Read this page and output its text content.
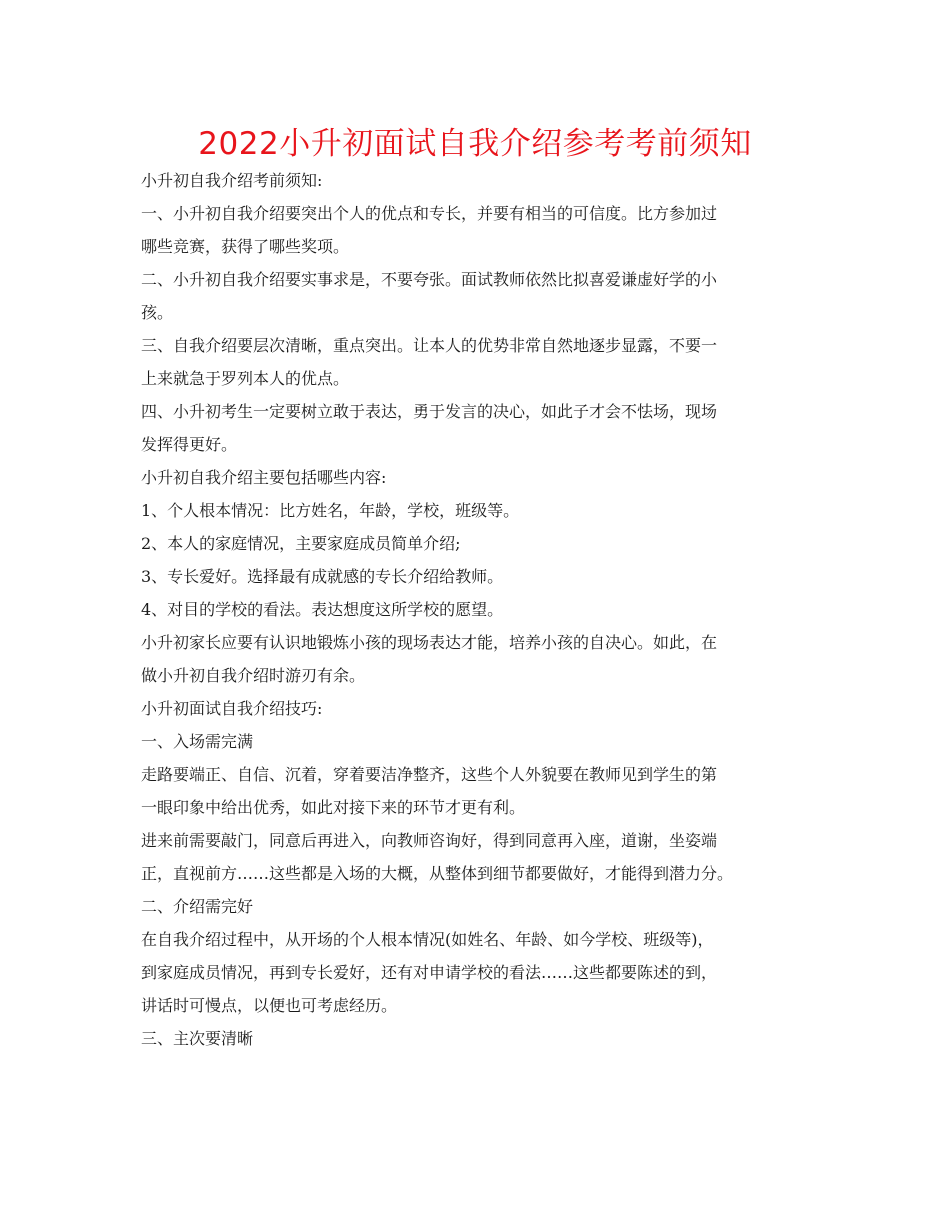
2022小升初面试自我介绍参考考前须知

小升初自我介绍考前须知:

一、小升初自我介绍要突出个人的优点和专长，并要有相当的可信度。比方参加过

哪些竞赛，获得了哪些奖项。

二、小升初自我介绍要实事求是，不要夸张。面试教师依然比拟喜爱谦虚好学的小

孩。

三、自我介绍要层次清晰，重点突出。让本人的优势非常自然地逐步显露，不要一

上来就急于罗列本人的优点。

四、小升初考生一定要树立敢于表达，勇于发言的决心，如此子才会不怯场，现场

发挥得更好。

小升初自我介绍主要包括哪些内容:

1、个人根本情况：比方姓名，年龄，学校，班级等。

2、本人的家庭情况，主要家庭成员简单介绍;

3、专长爱好。选择最有成就感的专长介绍给教师。

4、对目的学校的看法。表达想度这所学校的愿望。

小升初家长应要有认识地锻炼小孩的现场表达才能，培养小孩的自决心。如此，在

做小升初自我介绍时游刃有余。

小升初面试自我介绍技巧:

一、入场需完满

走路要端正、自信、沉着，穿着要洁净整齐，这些个人外貌要在教师见到学生的第

一眼印象中给出优秀，如此对接下来的环节才更有利。

进来前需要敲门，同意后再进入，向教师咨询好，得到同意再入座，道谢，坐姿端

正，直视前方……这些都是入场的大概，从整体到细节都要做好，才能得到潜力分。

二、介绍需完好

在自我介绍过程中，从开场的个人根本情况(如姓名、年龄、如今学校、班级等)，

到家庭成员情况，再到专长爱好，还有对申请学校的看法……这些都要陈述的到，

讲话时可慢点，以便也可考虑经历。

三、主次要清晰
